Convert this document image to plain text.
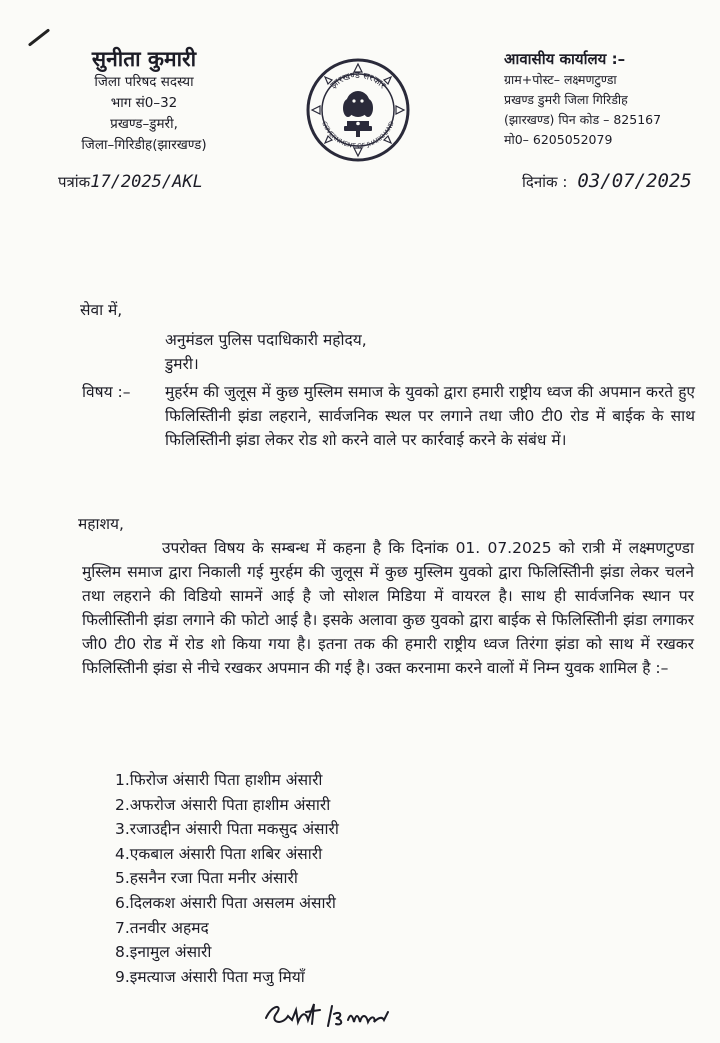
सुनीता कुमारी
जिला परिषद सदस्या
भाग सं0–32
प्रखण्ड–डुमरी,
जिला–गिरिडीह(झारखण्ड)
झारखण्ड सरकार
GOVERNMENT OF JHARKHAND
आवासीय कार्यालय :–
ग्राम+पोस्ट– लक्ष्मणटुण्डा
प्रखण्ड डुमरी जिला गिरिडीह
(झारखण्ड) पिन कोड – 825167
मो0– 6205052079
पत्रांक17/2025/AKL	दिनांक : 03/07/2025
सेवा में,
अनुमंडल पुलिस पदाधिकारी महोदय,
डुमरी।
विषय :– मुहर्रम की जुलूस में कुछ मुस्लिम समाज के युवको द्वारा हमारी राष्ट्रीय ध्वज की अपमान करते हुए फिलिस्तिीनी झंडा लहराने, सार्वजनिक स्थल पर लगाने तथा जी0 टी0 रोड में बाईक के साथ फिलिस्तिीनी झंडा लेकर रोड शो करने वाले पर कार्रवाई करने के संबंध में।
महाशय,
उपरोक्त विषय के सम्बन्ध में कहना है कि दिनांक 01. 07.2025 को रात्री में लक्ष्मणटुण्डा मुस्लिम समाज द्वारा निकाली गई मुरर्हम की जुलूस में कुछ मुस्लिम युवको द्वारा फिलिस्तिीनी झंडा लेकर चलने तथा लहराने की विडियो सामनें आई है जो सोशल मिडिया में वायरल है। साथ ही सार्वजनिक स्थान पर फिलीस्तिीनी झंडा लगाने की फोटो आई है। इसके अलावा कुछ युवको द्वारा बाईक से फिलिस्तिीनी झंडा लगाकर जी0 टी0 रोड में रोड शो किया गया है। इतना तक की हमारी राष्ट्रीय ध्वज तिरंगा झंडा को साथ में रखकर फिलिस्तिीनी झंडा से नीचे रखकर अपमान की गई है। उक्त करनामा करने वालों में निम्न युवक शामिल है :–
1.फिरोज अंसारी पिता हाशीम अंसारी
2.अफरोज अंसारी पिता हाशीम अंसारी
3.रजाउद्दीन अंसारी पिता मकसुद अंसारी
4.एकबाल अंसारी पिता शबिर अंसारी
5.हसनैन रजा पिता मनीर अंसारी
6.दिलकश अंसारी पिता असलम अंसारी
7.तनवीर अहमद
8.इनामुल अंसारी
9.इमत्याज अंसारी पिता मजु मियाँ
